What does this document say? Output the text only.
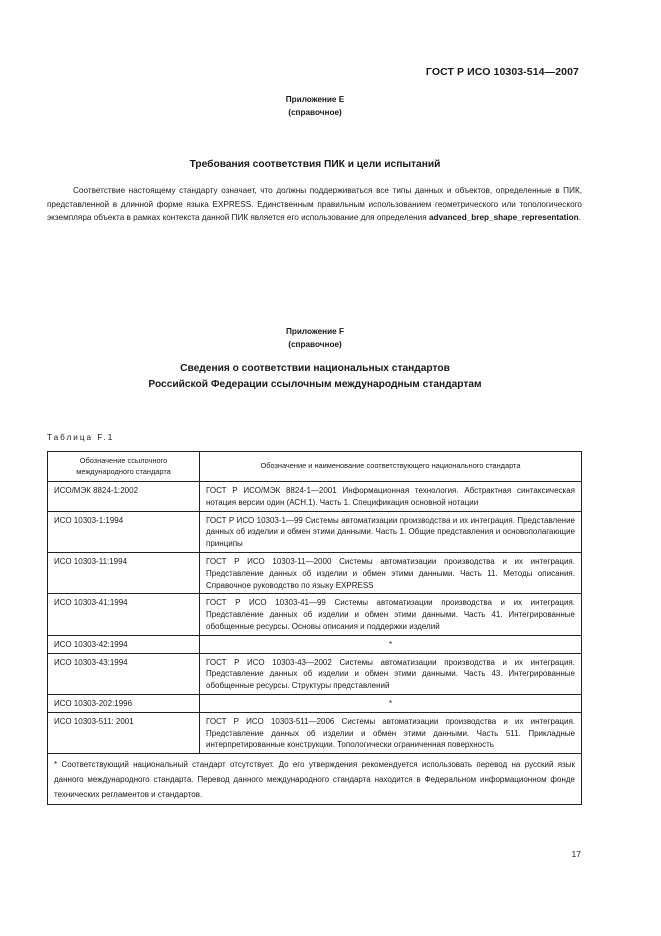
ГОСТ Р ИСО 10303-514—2007
Приложение E
(справочное)
Требования соответствия ПИК и цели испытаний
Соответствие настоящему стандарту означает, что должны поддерживаться все типы данных и объектов, определенные в ПИК, представленной в длинной форме языка EXPRESS. Единственным правильным использованием геометрического или топологического экземпляра объекта в рамках контекста данной ПИК является его использование для определения advanced_brep_shape_representation.
Приложение F
(справочное)
Сведения о соответствии национальных стандартов
Российской Федерации ссылочным международным стандартам
Таблица F.1
Обозначение ссылочного международного стандарта	Обозначение и наименование соответствующего национального стандарта
ИСО/МЭК 8824-1:2002	ГОСТ Р ИСО/МЭК 8824-1—2001 Информационная технология. Абстрактная синтаксическая нотация версии один (АСН.1). Часть 1. Спецификация основной нотации
ИСО 10303-1:1994	ГОСТ Р ИСО 10303-1—99 Системы автоматизации производства и их интеграция. Представление данных об изделии и обмен этими данными. Часть 1. Общие представления и основополагающие принципы
ИСО 10303-11:1994	ГОСТ Р ИСО 10303-11—2000 Системы автоматизации производства и их интеграция. Представление данных об изделии и обмен этими данными. Часть 11. Методы описания. Справочное руководство по языку EXPRESS
ИСО 10303-41:1994	ГОСТ Р ИСО 10303-41—99 Системы автоматизации производства и их интеграция. Представление данных об изделии и обмен этими данными. Часть 41. Интегрированные обобщенные ресурсы. Основы описания и поддержки изделий
ИСО 10303-42:1994	*
ИСО 10303-43:1994	ГОСТ Р ИСО 10303-43—2002 Системы автоматизации производства и их интеграция. Представление данных об изделии и обмен этими данными. Часть 43. Интегрированные обобщенные ресурсы. Структуры представлений
ИСО 10303-202:1996	*
ИСО 10303-511: 2001	ГОСТ Р ИСО 10303-511—2006 Системы автоматизации производства и их интеграция. Представление данных об изделии и обмен этими данными. Часть 511. Прикладные интерпретированные конструкции. Топологически ограниченная поверхность
* Соответствующий национальный стандарт отсутствует. До его утверждения рекомендуется использовать перевод на русский язык данного международного стандарта. Перевод данного международного стандарта находится в Федеральном информационном фонде технических регламентов и стандартов.	
17
